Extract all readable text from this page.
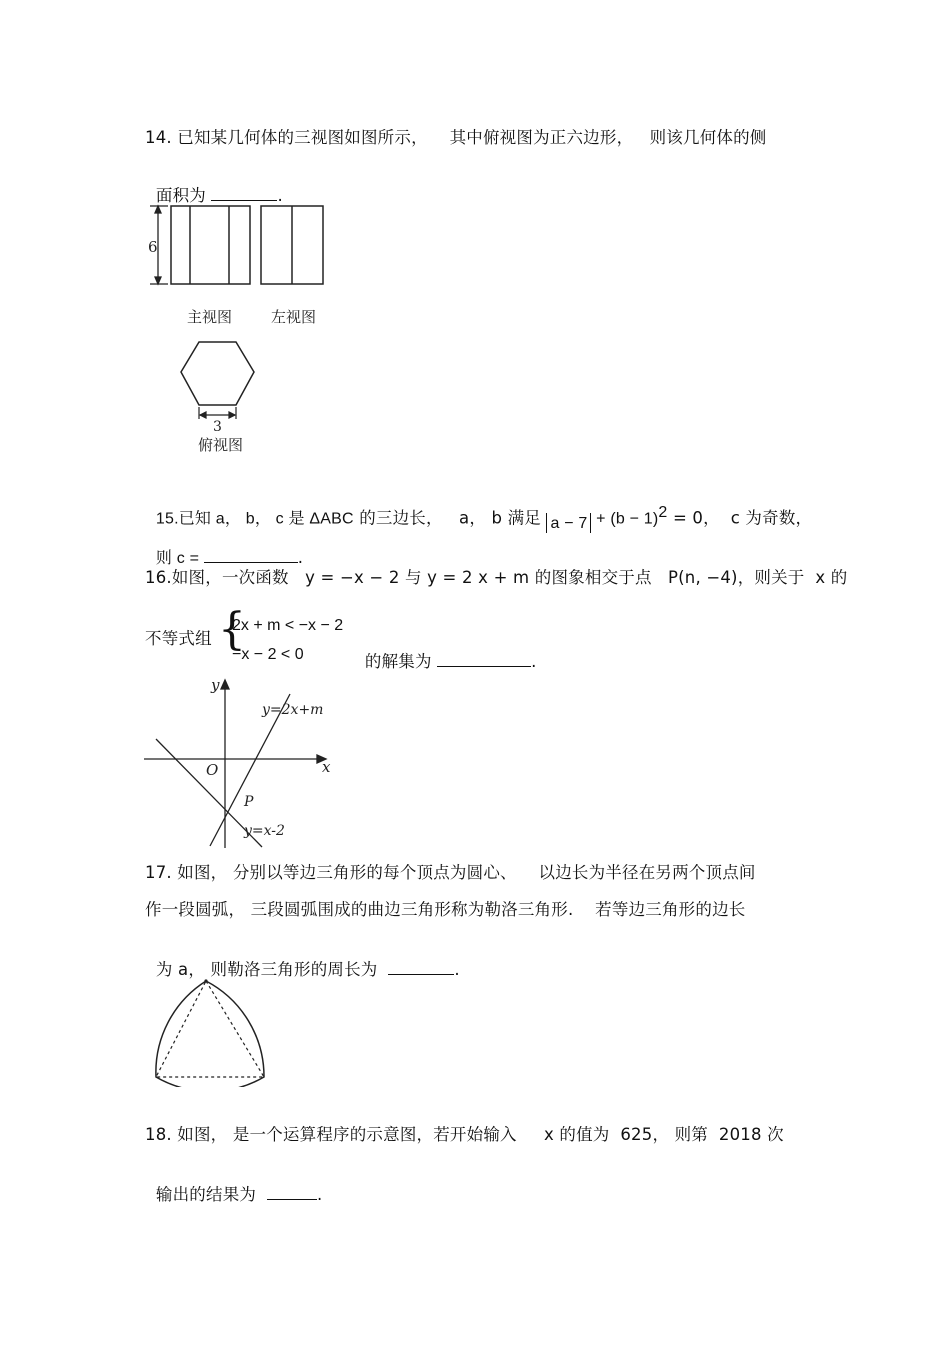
14. 已知某几何体的三视图如图所示，    其中俯视图为正六边形，   则该几何体的侧

面积为	.

6
3
主视图	左视图
俯视图

15.已知 a， b， c 是 ΔABC 的三边长，   a， b 满足 $a - 7 + (b - 1)^2 = 0$，  c 为奇数，

则 c =	.

16.如图，一次函数   y = −x − 2 与 y = 2 x + m 的图象相交于点   P(n, −4)，则关于  x 的
不等式组 {
2x + m < −x − 2
−x − 2 < 0	的解集为	.

y
x
O
P
y=2x+m
y=x-2
17. 如图， 分别以等边三角形的每个顶点为圆心、    以边长为半径在另两个顶点间
作一段圆弧， 三段圆弧围成的曲边三角形称为勒洛三角形.    若等边三角形的边长

为 a， 则勒洛三角形的周长为	.

18. 如图， 是一个运算程序的示意图，若开始输入     x 的值为  625， 则第  2018 次

输出的结果为	.
